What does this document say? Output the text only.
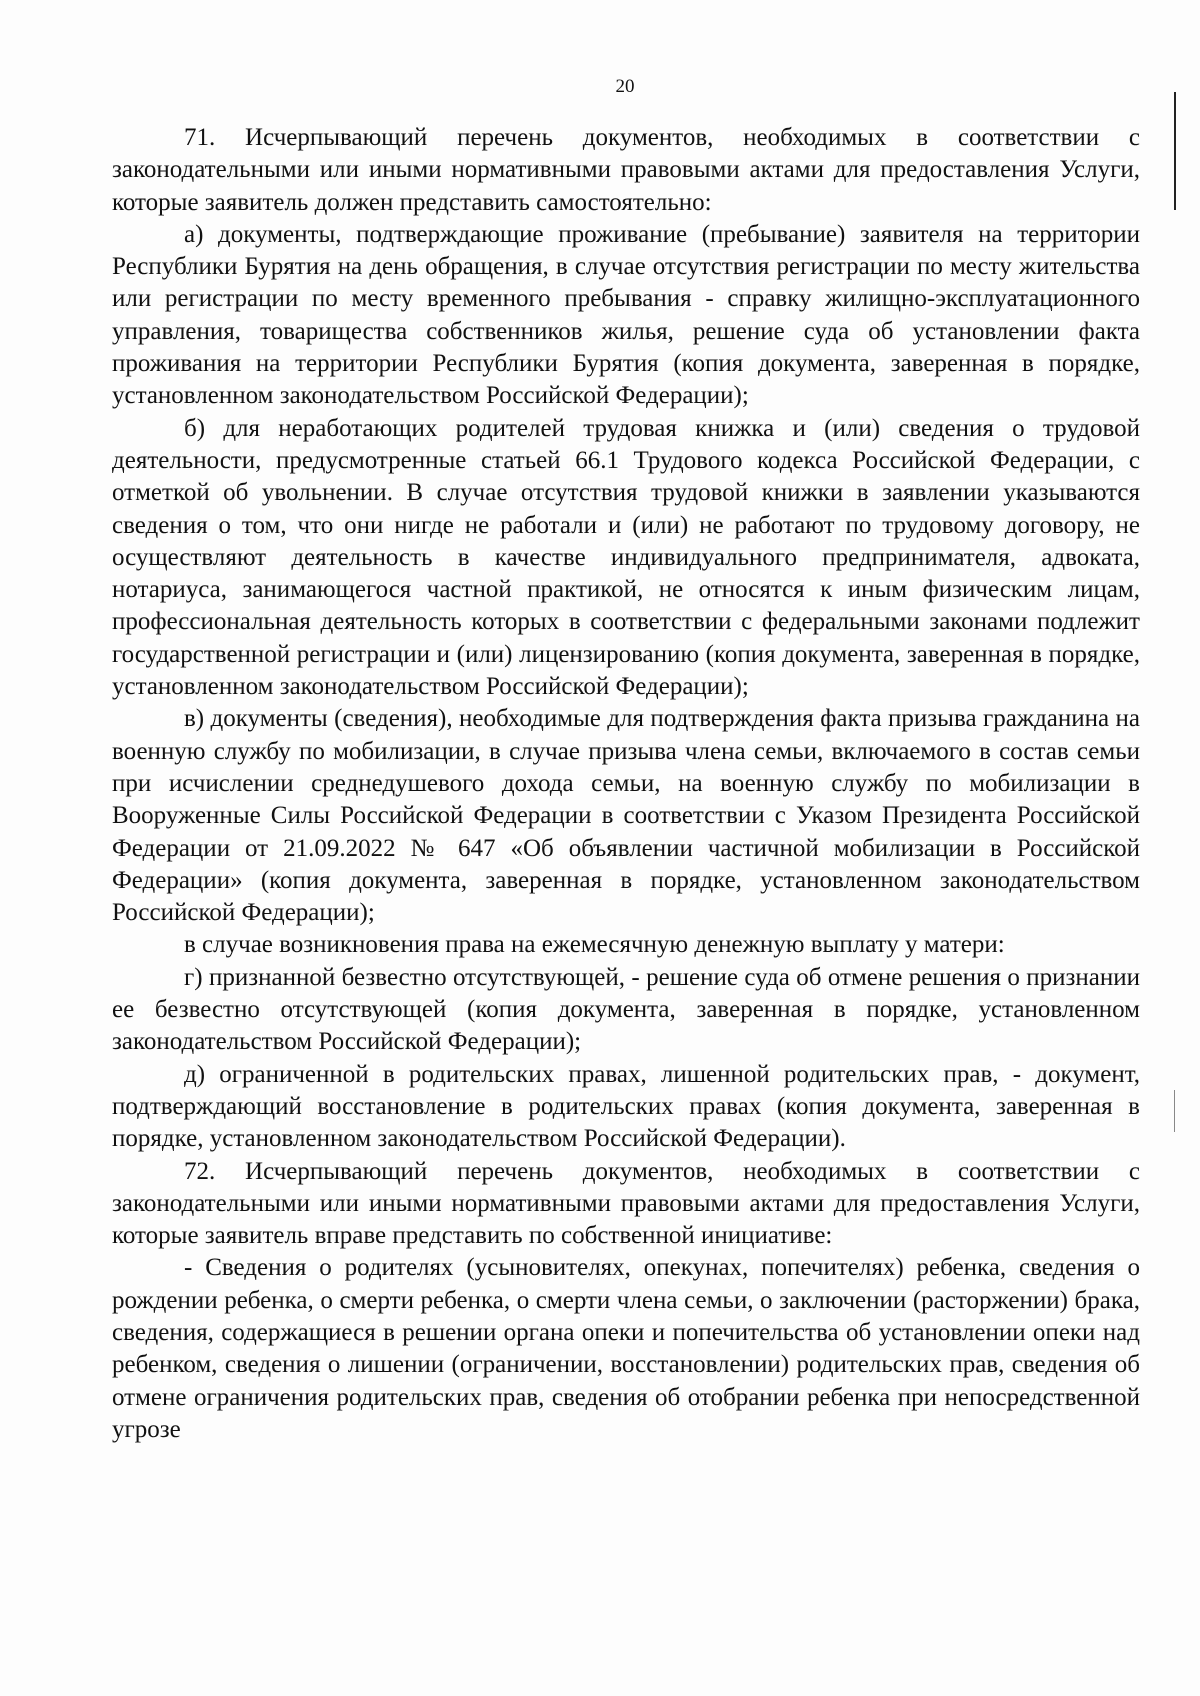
20

71. Исчерпывающий перечень документов, необходимых в соответствии с законодательными или иными нормативными правовыми актами для предоставления Услуги, которые заявитель должен представить самостоятельно:

а) документы, подтверждающие проживание (пребывание) заявителя на территории Республики Бурятия на день обращения, в случае отсутствия регистрации по месту жительства или регистрации по месту временного пребывания - справку жилищно-эксплуатационного управления, товарищества собственников жилья, решение суда об установлении факта проживания на территории Республики Бурятия (копия документа, заверенная в порядке, установленном законодательством Российской Федерации);

б) для неработающих родителей трудовая книжка и (или) сведения о трудовой деятельности, предусмотренные статьей 66.1 Трудового кодекса Российской Федерации, с отметкой об увольнении. В случае отсутствия трудовой книжки в заявлении указываются сведения о том, что они нигде не работали и (или) не работают по трудовому договору, не осуществляют деятельность в качестве индивидуального предпринимателя, адвоката, нотариуса, занимающегося частной практикой, не относятся к иным физическим лицам, профессиональная деятельность которых в соответствии с федеральными законами подлежит государственной регистрации и (или) лицензированию (копия документа, заверенная в порядке, установленном законодательством Российской Федерации);

в) документы (сведения), необходимые для подтверждения факта призыва гражданина на военную службу по мобилизации, в случае призыва члена семьи, включаемого в состав семьи при исчислении среднедушевого дохода семьи, на военную службу по мобилизации в Вооруженные Силы Российской Федерации в соответствии с Указом Президента Российской Федерации от 21.09.2022 № 647 «Об объявлении частичной мобилизации в Российской Федерации» (копия документа, заверенная в порядке, установленном законодательством Российской Федерации);

в случае возникновения права на ежемесячную денежную выплату у матери:

г) признанной безвестно отсутствующей, - решение суда об отмене решения о признании ее безвестно отсутствующей (копия документа, заверенная в порядке, установленном законодательством Российской Федерации);

д) ограниченной в родительских правах, лишенной родительских прав, - документ, подтверждающий восстановление в родительских правах (копия документа, заверенная в порядке, установленном законодательством Российской Федерации).

72. Исчерпывающий перечень документов, необходимых в соответствии с законодательными или иными нормативными правовыми актами для предоставления Услуги, которые заявитель вправе представить по собственной инициативе:

- Сведения о родителях (усыновителях, опекунах, попечителях) ребенка, сведения о рождении ребенка, о смерти ребенка, о смерти члена семьи, о заключении (расторжении) брака, сведения, содержащиеся в решении органа опеки и попечительства об установлении опеки над ребенком, сведения о лишении (ограничении, восстановлении) родительских прав, сведения об отмене ограничения родительских прав, сведения об отобрании ребенка при непосредственной угрозе
